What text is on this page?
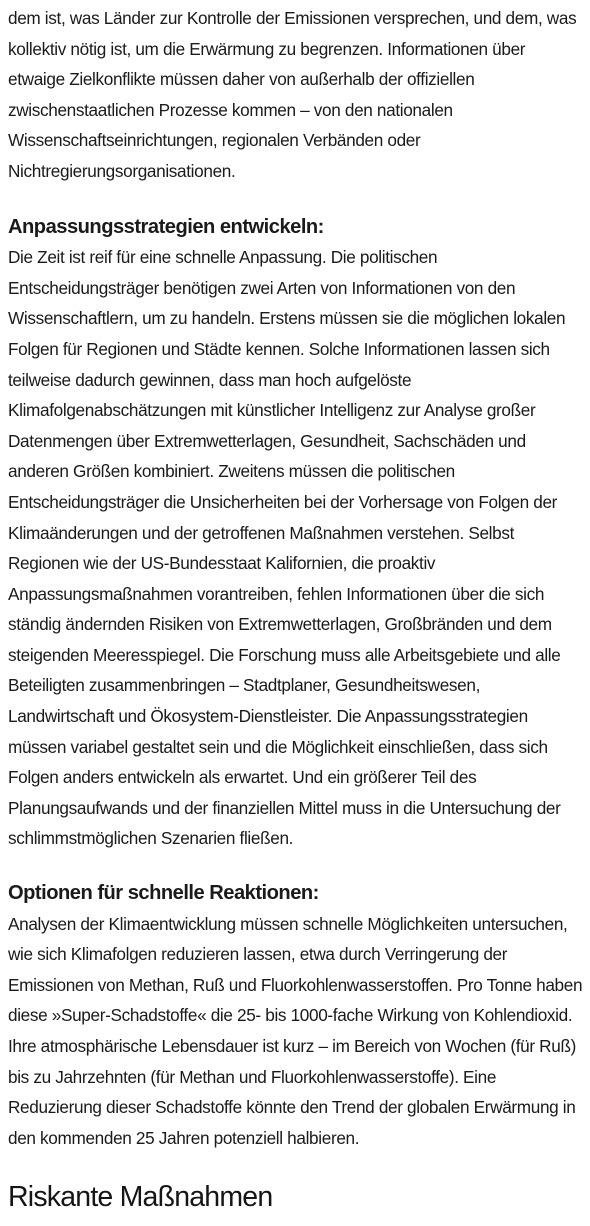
dem ist, was Länder zur Kontrolle der Emissionen versprechen, und dem, was kollektiv nötig ist, um die Erwärmung zu begrenzen. Informationen über etwaige Zielkonflikte müssen daher von außerhalb der offiziellen zwischenstaatlichen Prozesse kommen – von den nationalen Wissenschaftseinrichtungen, regionalen Verbänden oder Nichtregierungsorganisationen.

Anpassungsstrategien entwickeln:

Die Zeit ist reif für eine schnelle Anpassung. Die politischen Entscheidungsträger benötigen zwei Arten von Informationen von den Wissenschaftlern, um zu handeln. Erstens müssen sie die möglichen lokalen Folgen für Regionen und Städte kennen. Solche Informationen lassen sich teilweise dadurch gewinnen, dass man hoch aufgelöste Klimafolgenabschätzungen mit künstlicher Intelligenz zur Analyse großer Datenmengen über Extremwetterlagen, Gesundheit, Sachschäden und anderen Größen kombiniert. Zweitens müssen die politischen Entscheidungsträger die Unsicherheiten bei der Vorhersage von Folgen der Klimaänderungen und der getroffenen Maßnahmen verstehen. Selbst Regionen wie der US-Bundesstaat Kalifornien, die proaktiv Anpassungsmaßnahmen vorantreiben, fehlen Informationen über die sich ständig ändernden Risiken von Extremwetterlagen, Großbränden und dem steigenden Meeresspiegel. Die Forschung muss alle Arbeitsgebiete und alle Beteiligten zusammenbringen – Stadtplaner, Gesundheitswesen, Landwirtschaft und Ökosystem-Dienstleister. Die Anpassungsstrategien müssen variabel gestaltet sein und die Möglichkeit einschließen, dass sich Folgen anders entwickeln als erwartet. Und ein größerer Teil des Planungsaufwands und der finanziellen Mittel muss in die Untersuchung der schlimmstmöglichen Szenarien fließen.

Optionen für schnelle Reaktionen:

Analysen der Klimaentwicklung müssen schnelle Möglichkeiten untersuchen, wie sich Klimafolgen reduzieren lassen, etwa durch Verringerung der Emissionen von Methan, Ruß und Fluorkohlenwasserstoffen. Pro Tonne haben diese »Super-Schadstoffe« die 25- bis 1000-fache Wirkung von Kohlendioxid. Ihre atmosphärische Lebensdauer ist kurz – im Bereich von Wochen (für Ruß) bis zu Jahrzehnten (für Methan und Fluorkohlenwasserstoffe). Eine Reduzierung dieser Schadstoffe könnte den Trend der globalen Erwärmung in den kommenden 25 Jahren potenziell halbieren.

Riskante Maßnahmen
